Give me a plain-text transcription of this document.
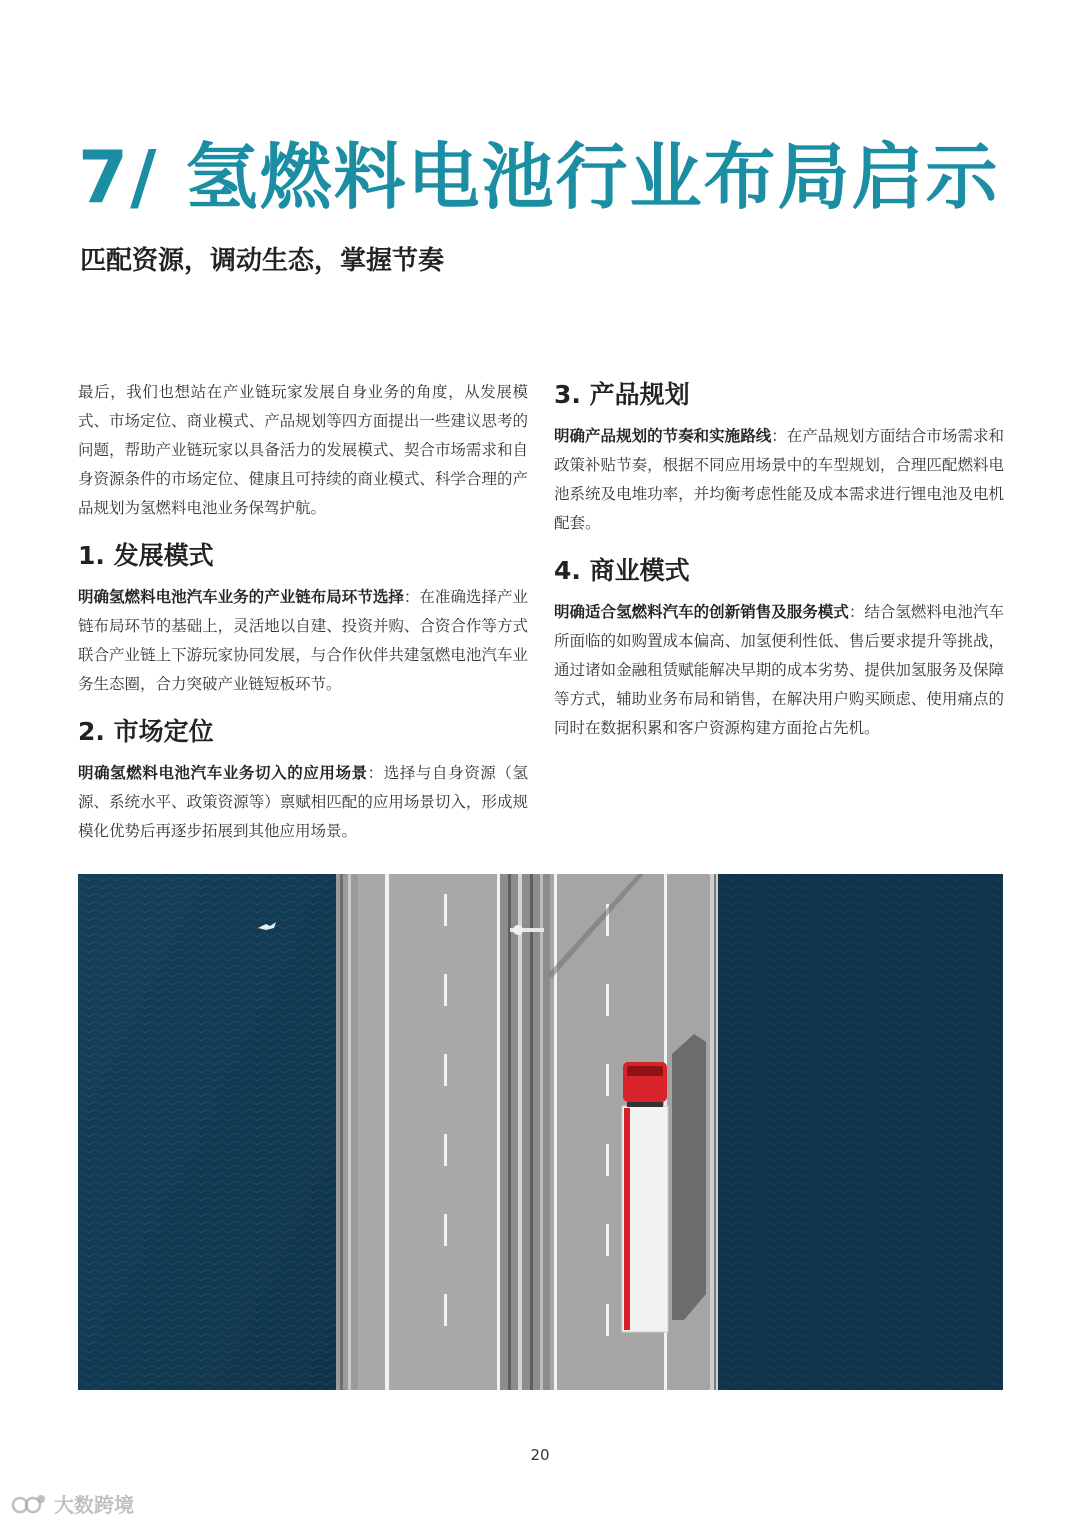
7/ 氢燃料电池行业布局启示
匹配资源，调动生态，掌握节奏

最后，我们也想站在产业链玩家发展自身业务的角度，从发展模式、市场定位、商业模式、产品规划等四方面提出一些建议思考的问题，帮助产业链玩家以具备活力的发展模式、契合市场需求和自身资源条件的市场定位、健康且可持续的商业模式、科学合理的产品规划为氢燃料电池业务保驾护航。

1. 发展模式

明确氢燃料电池汽车业务的产业链布局环节选择：在准确选择产业链布局环节的基础上，灵活地以自建、投资并购、合资合作等方式联合产业链上下游玩家协同发展，与合作伙伴共建氢燃电池汽车业务生态圈，合力突破产业链短板环节。

2. 市场定位

明确氢燃料电池汽车业务切入的应用场景：选择与自身资源（氢源、系统水平、政策资源等）禀赋相匹配的应用场景切入，形成规模化优势后再逐步拓展到其他应用场景。

3. 产品规划

明确产品规划的节奏和实施路线：在产品规划方面结合市场需求和政策补贴节奏，根据不同应用场景中的车型规划，合理匹配燃料电池系统及电堆功率，并均衡考虑性能及成本需求进行锂电池及电机配套。

4. 商业模式

明确适合氢燃料汽车的创新销售及服务模式：结合氢燃料电池汽车所面临的如购置成本偏高、加氢便利性低、售后要求提升等挑战，通过诸如金融租赁赋能解决早期的成本劣势、提供加氢服务及保障等方式，辅助业务布局和销售，在解决用户购买顾虑、使用痛点的同时在数据积累和客户资源构建方面抢占先机。

20
大数跨境
